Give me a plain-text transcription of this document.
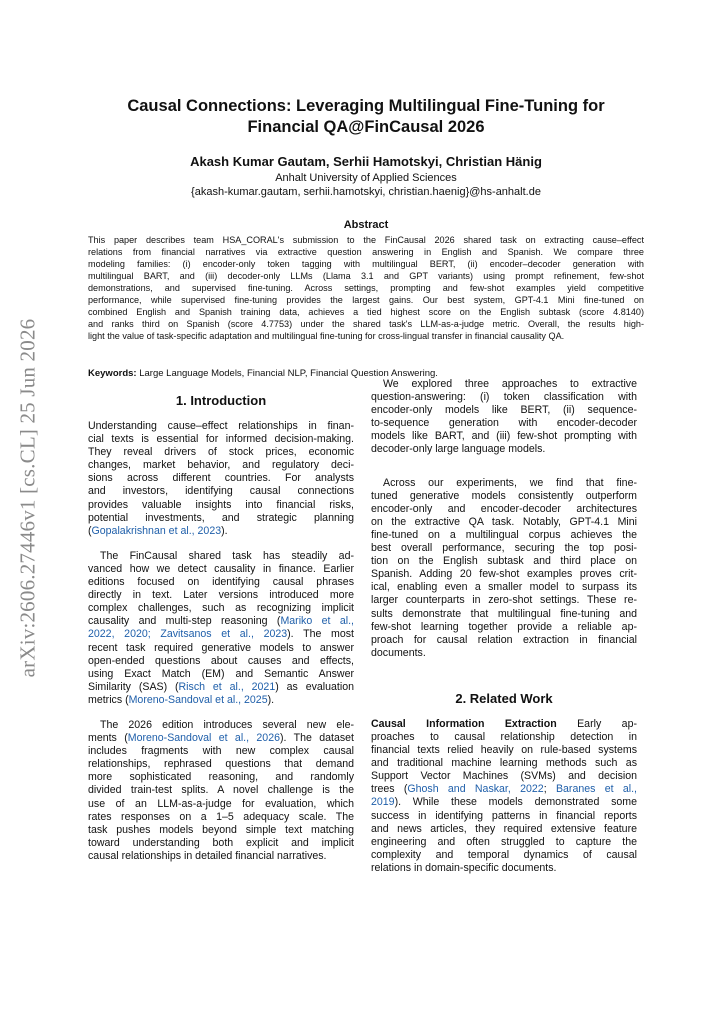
arXiv:2606.27446v1 [cs.CL] 25 Jun 2026
Causal Connections: Leveraging Multilingual Fine-Tuning for
Financial QA@FinCausal 2026
Akash Kumar Gautam, Serhii Hamotskyi, Christian Hänig
Anhalt University of Applied Sciences
{akash-kumar.gautam, serhii.hamotskyi, christian.haenig}@hs-anhalt.de
Abstract
This paper describes team HSA_CORAL's submission to the FinCausal 2026 shared task on extracting cause–effect
relations from financial narratives via extractive question answering in English and Spanish. We compare three
modeling families: (i) encoder-only token tagging with multilingual BERT, (ii) encoder–decoder generation with
multilingual BART, and (iii) decoder-only LLMs (Llama 3.1 and GPT variants) using prompt refinement, few-shot
demonstrations, and supervised fine-tuning. Across settings, prompting and few-shot examples yield competitive
performance, while supervised fine-tuning provides the largest gains. Our best system, GPT-4.1 Mini fine-tuned on
combined English and Spanish training data, achieves a tied highest score on the English subtask (score 4.8140)
and ranks third on Spanish (score 4.7753) under the shared task's LLM-as-a-judge metric. Overall, the results high-
light the value of task-specific adaptation and multilingual fine-tuning for cross-lingual transfer in financial causality QA.
Keywords: Large Language Models, Financial NLP, Financial Question Answering.
1. Introduction
Understanding cause–effect relationships in finan-
cial texts is essential for informed decision-making.
They reveal drivers of stock prices, economic
changes, market behavior, and regulatory deci-
sions across different countries. For analysts
and investors, identifying causal connections
provides valuable insights into financial risks,
potential investments, and strategic planning
(Gopalakrishnan et al., 2023).
The FinCausal shared task has steadily ad-
vanced how we detect causality in finance. Earlier
editions focused on identifying causal phrases
directly in text. Later versions introduced more
complex challenges, such as recognizing implicit
causality and multi-step reasoning (Mariko et al.,
2022, 2020; Zavitsanos et al., 2023). The most
recent task required generative models to answer
open-ended questions about causes and effects,
using Exact Match (EM) and Semantic Answer
Similarity (SAS) (Risch et al., 2021) as evaluation
metrics (Moreno-Sandoval et al., 2025).
The 2026 edition introduces several new ele-
ments (Moreno-Sandoval et al., 2026). The dataset
includes fragments with new complex causal
relationships, rephrased questions that demand
more sophisticated reasoning, and randomly
divided train-test splits. A novel challenge is the
use of an LLM-as-a-judge for evaluation, which
rates responses on a 1–5 adequacy scale. The
task pushes models beyond simple text matching
toward understanding both explicit and implicit
causal relationships in detailed financial narratives.
We explored three approaches to extractive
question-answering: (i) token classification with
encoder-only models like BERT, (ii) sequence-
to-sequence generation with encoder-decoder
models like BART, and (iii) few-shot prompting with
decoder-only large language models.
Across our experiments, we find that fine-
tuned generative models consistently outperform
encoder-only and encoder-decoder architectures
on the extractive QA task. Notably, GPT-4.1 Mini
fine-tuned on a multilingual corpus achieves the
best overall performance, securing the top posi-
tion on the English subtask and third place on
Spanish. Adding 20 few-shot examples proves crit-
ical, enabling even a smaller model to surpass its
larger counterparts in zero-shot settings. These re-
sults demonstrate that multilingual fine-tuning and
few-shot learning together provide a reliable ap-
proach for causal relation extraction in financial
documents.
2. Related Work
Causal Information Extraction Early ap-
proaches to causal relationship detection in
financial texts relied heavily on rule-based systems
and traditional machine learning methods such as
Support Vector Machines (SVMs) and decision
trees (Ghosh and Naskar, 2022; Baranes et al.,
2019). While these models demonstrated some
success in identifying patterns in financial reports
and news articles, they required extensive feature
engineering and often struggled to capture the
complexity and temporal dynamics of causal
relations in domain-specific documents.
